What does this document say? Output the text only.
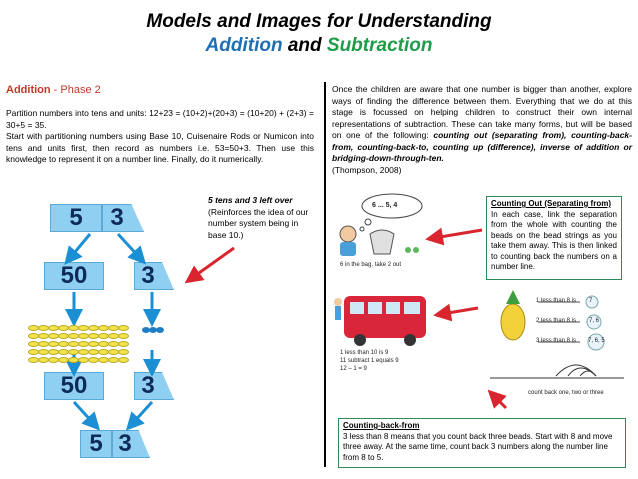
Models and Images for Understanding
Addition and Subtraction
Addition - Phase 2

Partition numbers into tens and units: 12+23 = (10+2)+(20+3) = (10+20) + (2+3) = 30+5 = 35.

Start with partitioning numbers using Base 10, Cuisenaire Rods or Numicon into tens and units first, then record as numbers i.e. 53=50+3. Then use this knowledge to represent it on a number line. Finally, do it numerically.

5 tens and 3 left over
(Reinforces the idea of our number system being in base 10.)
5	3
50	3
50	3
5 3
Once the children are aware that one number is bigger than another, explore ways of finding the difference between them. Everything that we do at this stage is focussed on helping children to construct their own internal representations of subtraction. These can take many forms, but will be based on one of the following: counting out (separating from), counting-back-from, counting-back-to, counting up (difference), inverse of addition or bridging-down-through-ten.
(Thompson, 2008)
6 ... 5, 4
6 in the bag, take 2 out
1 less than 10 is 9
11 subtract 1 equals 9
12 – 1 = 9
1 less than 8 is
2 less than 8 is
3 less than 8 is
7
7, 6
7, 6, 5
count back one, two or three
Counting Out (Separating from)
In each case, link the separation from the whole with counting the beads on the bead strings as you take them away. This is then linked to counting back the numbers on a number line.
Counting-back-from
3 less than 8 means that you count back three beads. Start with 8 and move three away. At the same time, count back 3 numbers along the number line from 8 to 5.
